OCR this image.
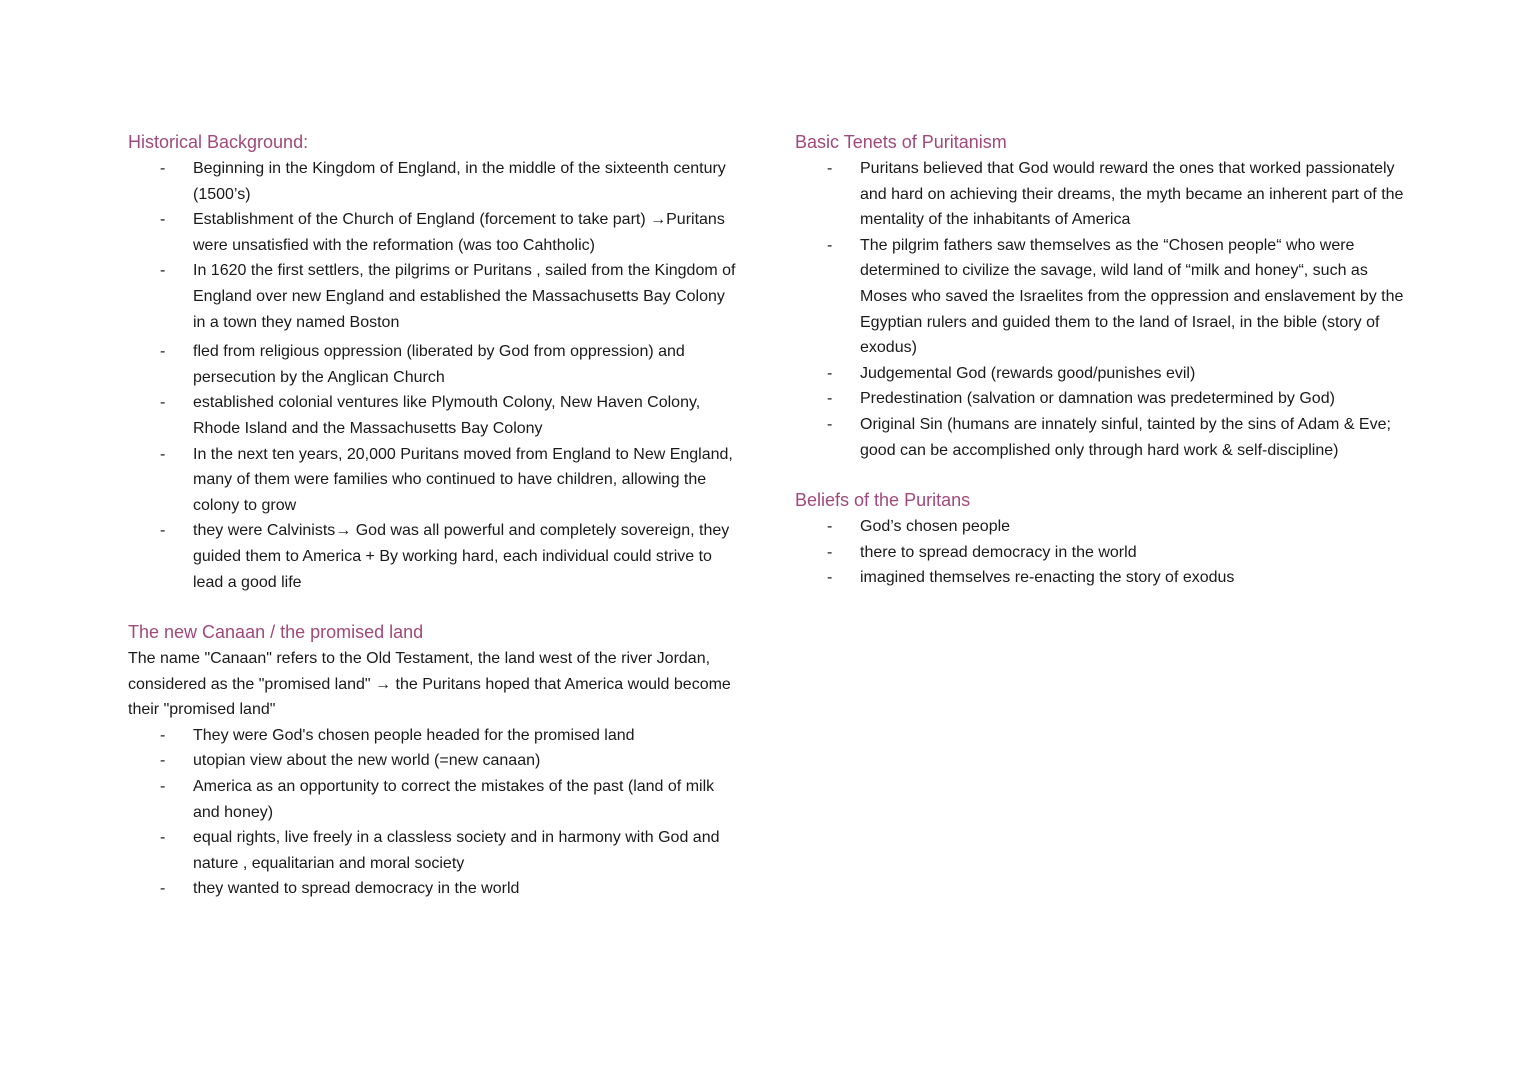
Historical Background:
- Beginning in the Kingdom of England, in the middle of the sixteenth century (1500’s)
- Establishment of the Church of England (forcement to take part) →Puritans were unsatisfied with the reformation (was too Cahtholic)
- In 1620 the first settlers, the pilgrims or Puritans , sailed from the Kingdom of England over new England and established the Massachusetts Bay Colony in a town they named Boston
- fled from religious oppression (liberated by God from oppression) and persecution by the Anglican Church
- established colonial ventures like Plymouth Colony, New Haven Colony, Rhode Island and the Massachusetts Bay Colony
- In the next ten years, 20,000 Puritans moved from England to New England, many of them were families who continued to have children, allowing the colony to grow
- they were Calvinists→ God was all powerful and completely sovereign, they guided them to America + By working hard, each individual could strive to lead a good life
The new Canaan / the promised land

The name "Canaan" refers to the Old Testament, the land west of the river Jordan, considered as the "promised land" → the Puritans hoped that America would become their "promised land"

- They were God's chosen people headed for the promised land
- utopian view about the new world (=new canaan)
- America as an opportunity to correct the mistakes of the past (land of milk and honey)
- equal rights, live freely in a classless society and in harmony with God and nature , equalitarian and moral society
- they wanted to spread democracy in the world
Basic Tenets of Puritanism
- Puritans believed that God would reward the ones that worked passionately and hard on achieving their dreams, the myth became an inherent part of the mentality of the inhabitants of America
- The pilgrim fathers saw themselves as the “Chosen people“ who were determined to civilize the savage, wild land of “milk and honey“, such as Moses who saved the Israelites from the oppression and enslavement by the Egyptian rulers and guided them to the land of Israel, in the bible (story of exodus)
- Judgemental God (rewards good/punishes evil)
- Predestination (salvation or damnation was predetermined by God)
- Original Sin (humans are innately sinful, tainted by the sins of Adam & Eve; good can be accomplished only through hard work & self-discipline)
Beliefs of the Puritans
- God’s chosen people
- there to spread democracy in the world
- imagined themselves re-enacting the story of exodus
